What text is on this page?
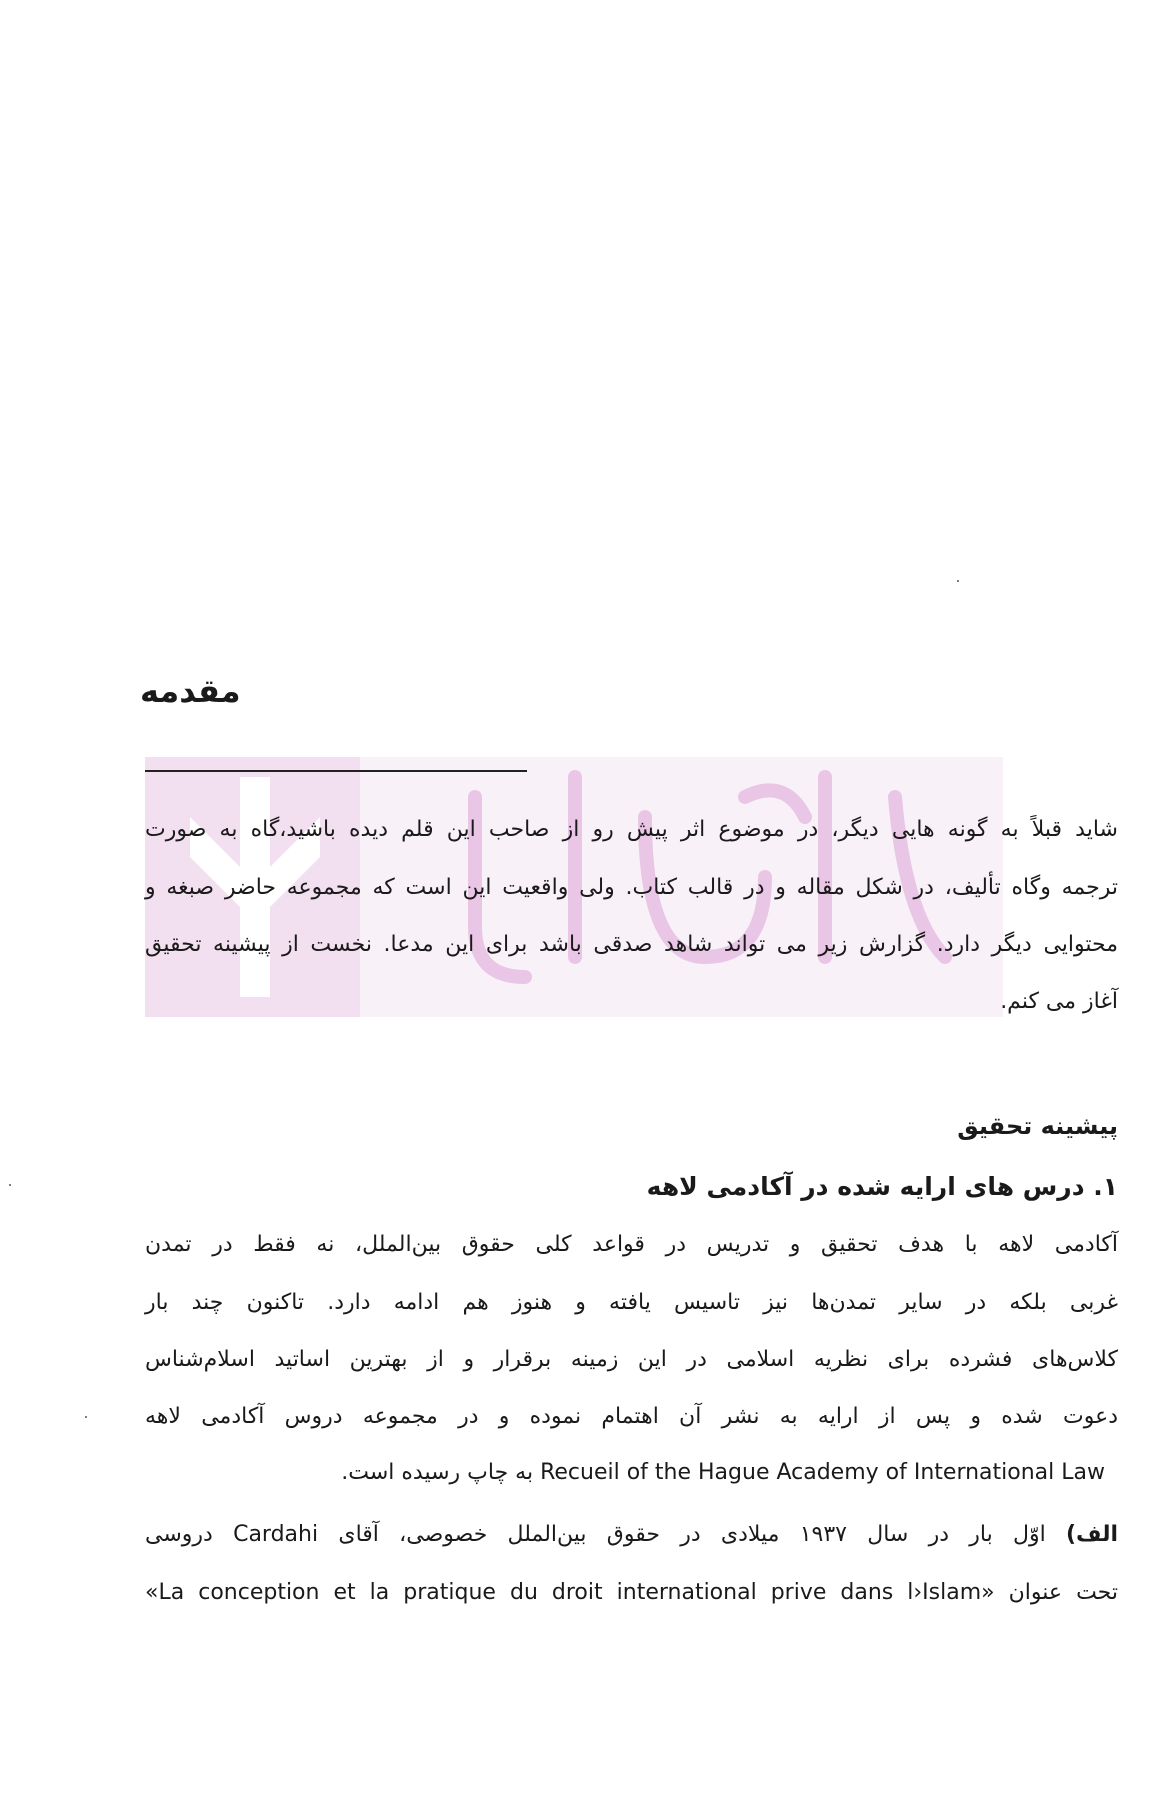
مقدمه
شاید قبلاً به گونه هایی دیگر، در موضوع اثر پیش رو از صاحب این قلم دیده باشید،گاه به صورت
ترجمه وگاه تألیف، در شکل مقاله و در قالب کتاب. ولی واقعیت این است که مجموعه حاضر صبغه و
محتوایی دیگر دارد. گزارش زیر می تواند شاهد صدقی باشد برای این مدعا. نخست از پیشینه تحقیق
آغاز می کنم.
پیشینه تحقیق
۱. درس های ارایه شده در آکادمی لاهه
آکادمی لاهه با هدف تحقیق و تدریس در قواعد کلی حقوق بین‌الملل، نه فقط در تمدن
غربی بلکه در سایر تمدن‌ها نیز تاسیس یافته و هنوز هم ادامه دارد. تاکنون چند بار
کلاس‌های فشرده برای نظریه اسلامی در این زمینه برقرار و از بهترین اساتید اسلام‌شناس
دعوت شده و پس از ارایه به نشر آن اهتمام نموده و در مجموعه دروس آکادمی لاهه
Recueil of the Hague Academy of International Law به چاپ رسیده است.
الف) اوّل بار در سال ۱۹۳۷ میلادی در حقوق بین‌الملل خصوصی، آقای Cardahi دروسی
تحت عنوان «La conception et la pratique du droit international prive dans l›Islam»
